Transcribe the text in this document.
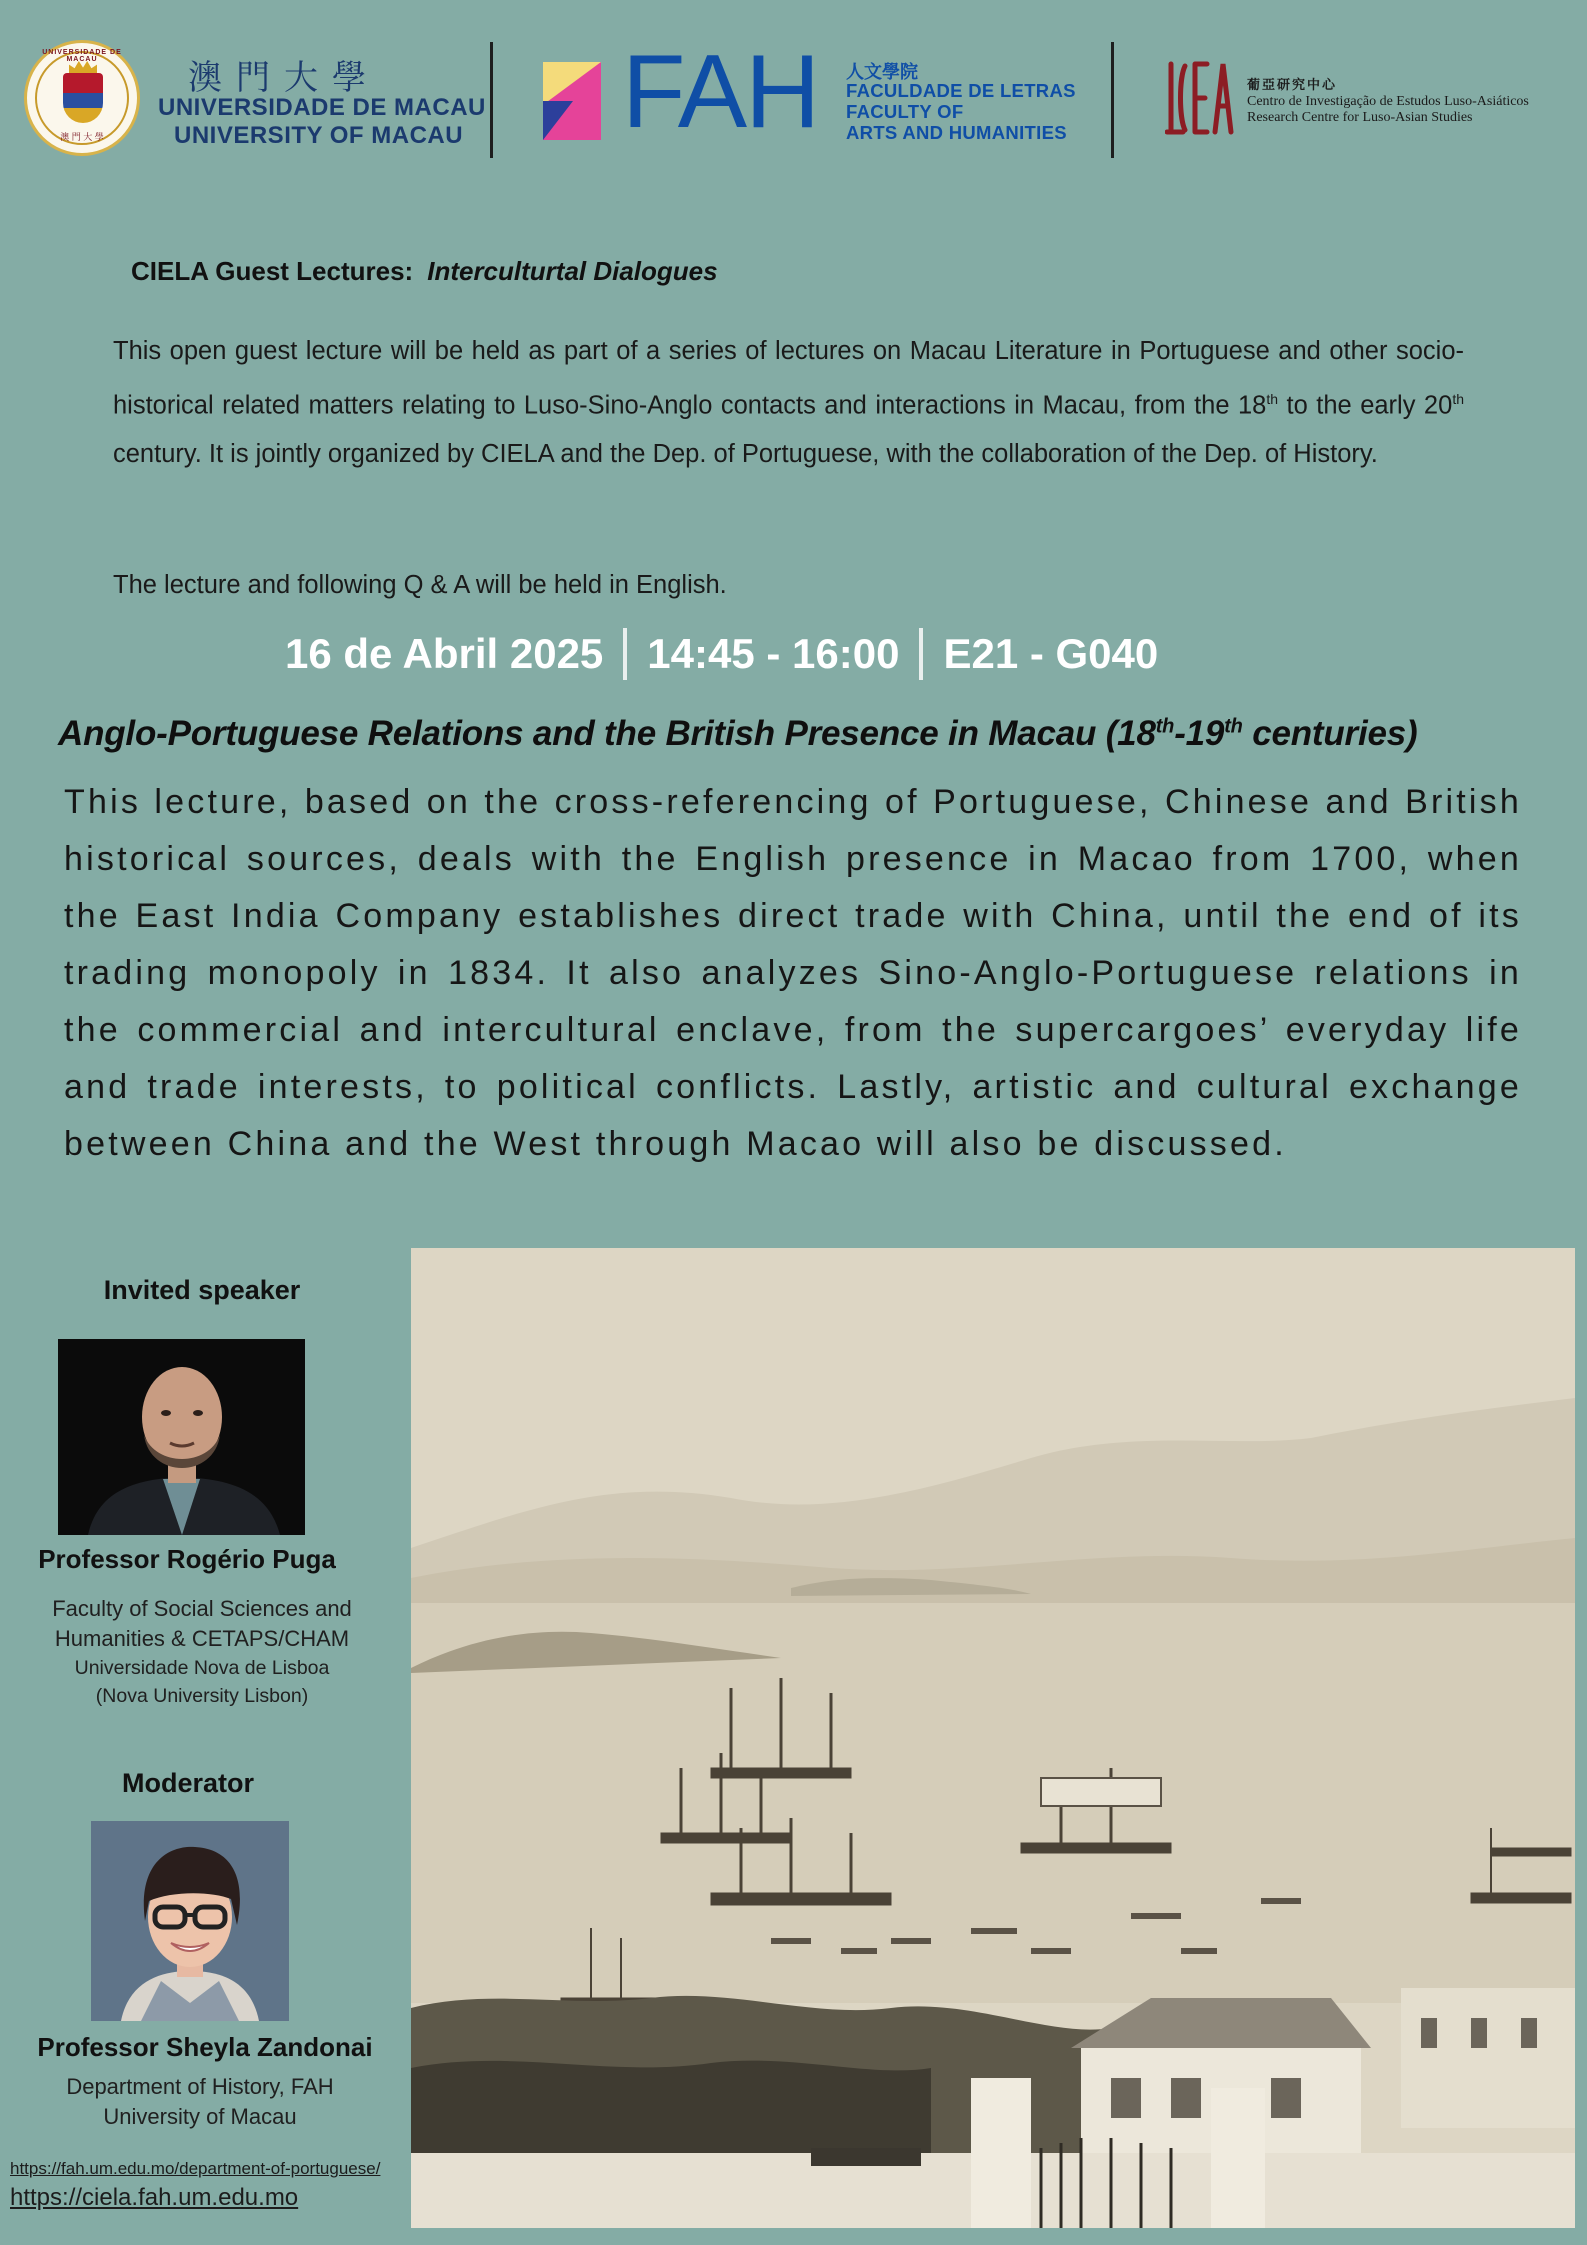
UNIVERSIDADE DE MACAU
澳 門 大 學
澳門大學
UNIVERSIDADE DE MACAU
UNIVERSITY OF MACAU FAH 人文學院
FACULDADE DE LETRAS
FACULTY OF
ARTS AND HUMANITIES
葡亞研究中心
Centro de Investigação de Estudos Luso-Asiáticos
Research Centre for Luso-Asian Studies
CIELA Guest Lectures: Interculturtal Dialogues
This open guest lecture will be held as part of a series of lectures on Macau Literature in Portuguese and other socio-historical related matters relating to Luso-Sino-Anglo contacts and interactions in Macau, from the 18th to the early 20th century. It is jointly organized by CIELA and the Dep. of Portuguese, with the collaboration of the Dep. of History.
The lecture and following Q & A will be held in English.
16 de Abril 2025 14:45 - 16:00 E21 - G040
Anglo-Portuguese Relations and the British Presence in Macau (18th-19th centuries)
This lecture, based on the cross-referencing of Portuguese, Chinese and British historical sources, deals with the English presence in Macao from 1700, when the East India Company establishes direct trade with China, until the end of its trading monopoly in 1834. It also analyzes Sino-Anglo-Portuguese relations in the commercial and intercultural enclave, from the supercargoes’ everyday life and trade interests, to political conflicts. Lastly, artistic and cultural exchange between China and the West through Macao will also be discussed.
Invited speaker
Professor Rogério Puga
Faculty of Social Sciences and
Humanities & CETAPS/CHAM
Universidade Nova de Lisboa
(Nova University Lisbon)
Moderator
Professor Sheyla Zandonai
Department of History, FAH
University of Macau
https://fah.um.edu.mo/department-of-portuguese/
https://ciela.fah.um.edu.mo
